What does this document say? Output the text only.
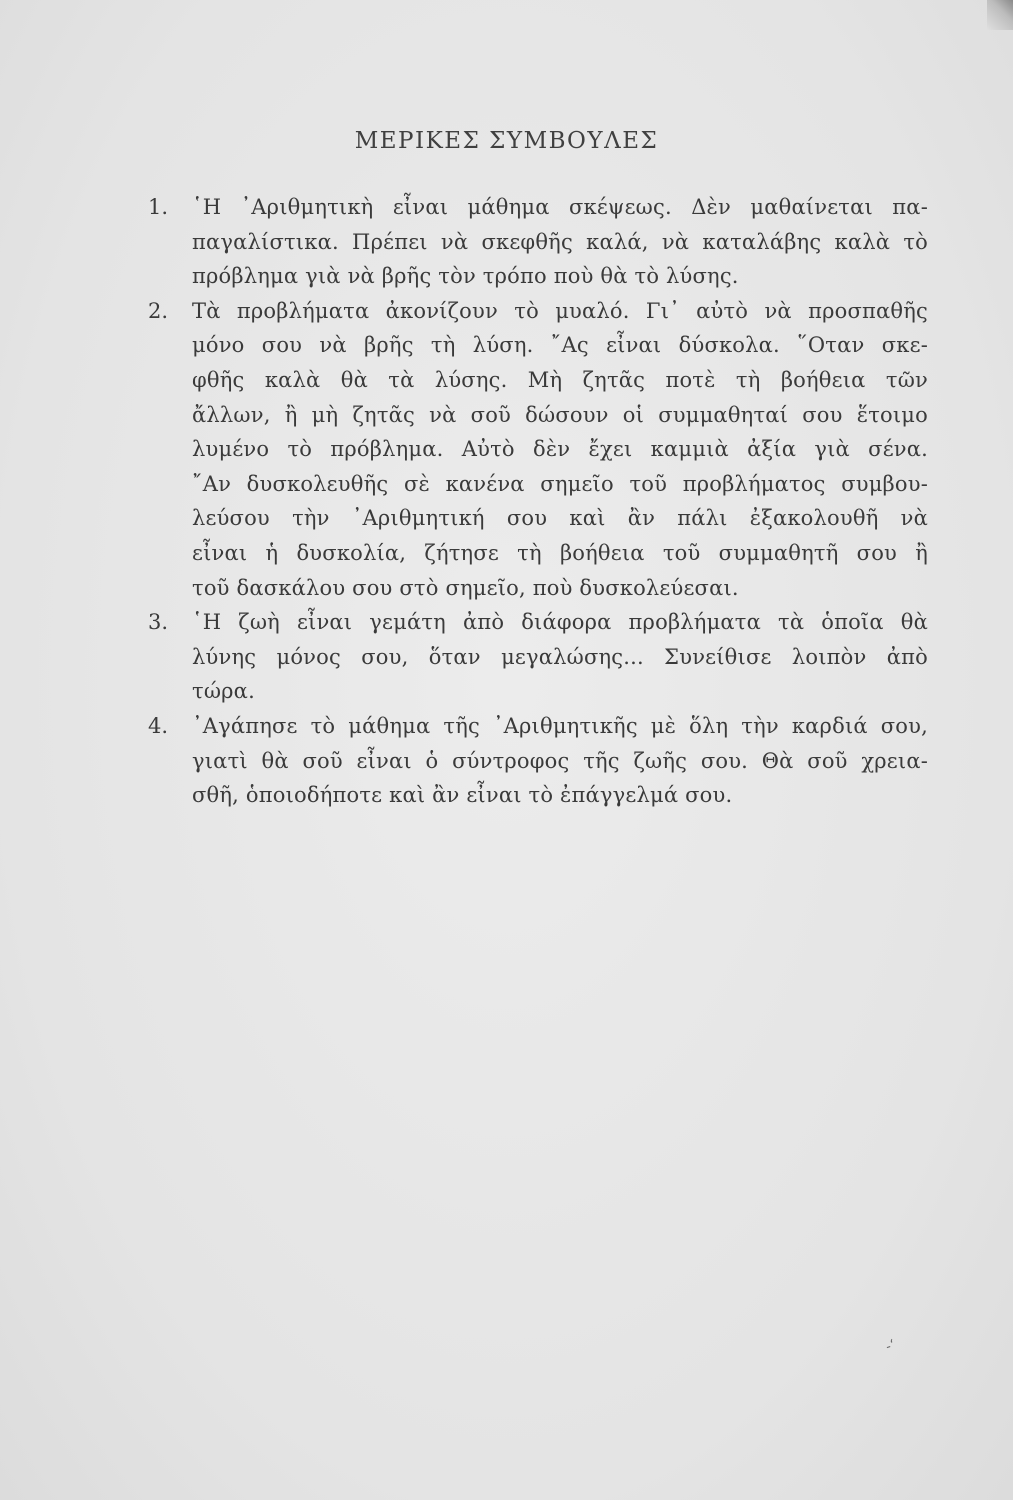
ΜΕΡΙΚΕΣ ΣΥΜΒΟΥΛΕΣ
1.	῾Η ᾿Αριθμητικὴ εἶναι μάθημα σκέψεως. Δὲν μαθαίνεται πα-
παγαλίστικα. Πρέπει νὰ σκεφθῆς καλά, νὰ καταλάβης καλὰ τὸ
πρόβλημα γιὰ νὰ βρῆς τὸν τρόπο ποὺ θὰ τὸ λύσης.
2.	Τὰ προβλήματα ἀκονίζουν τὸ μυαλό. Γι᾿ αὐτὸ νὰ προσπαθῆς
μόνο σου νὰ βρῆς τὴ λύση. ῎Ας εἶναι δύσκολα. ῞Οταν σκε-
φθῆς καλὰ θὰ τὰ λύσης. Μὴ ζητᾶς ποτὲ τὴ βοήθεια τῶν
ἄλλων, ἢ μὴ ζητᾶς νὰ σοῦ δώσουν οἱ συμμαθηταί σου ἕτοιμο
λυμένο τὸ πρόβλημα. Αὐτὸ δὲν ἔχει καμμιὰ ἀξία γιὰ σένα.
῎Αν δυσκολευθῆς σὲ κανένα σημεῖο τοῦ προβλήματος συμβου-
λεύσου τὴν ᾿Αριθμητική σου καὶ ἂν πάλι ἐξακολουθῆ νὰ
εἶναι ἡ δυσκολία, ζήτησε τὴ βοήθεια τοῦ συμμαθητῆ σου ἢ
τοῦ δασκάλου σου στὸ σημεῖο, ποὺ δυσκολεύεσαι.
3.	῾Η ζωὴ εἶναι γεμάτη ἀπὸ διάφορα προβλήματα τὰ ὁποῖα θὰ
λύνης μόνος σου, ὅταν μεγαλώσης... Συνείθισε λοιπὸν ἀπὸ
τώρα.
4.	᾿Αγάπησε τὸ μάθημα τῆς ᾿Αριθμητικῆς μὲ ὅλη τὴν καρδιά σου,
γιατὶ θὰ σοῦ εἶναι ὁ σύντροφος τῆς ζωῆς σου. Θὰ σοῦ χρεια-
σθῆ, ὁποιοδήποτε καὶ ἂν εἶναι τὸ ἐπάγγελμά σου.
-‘
